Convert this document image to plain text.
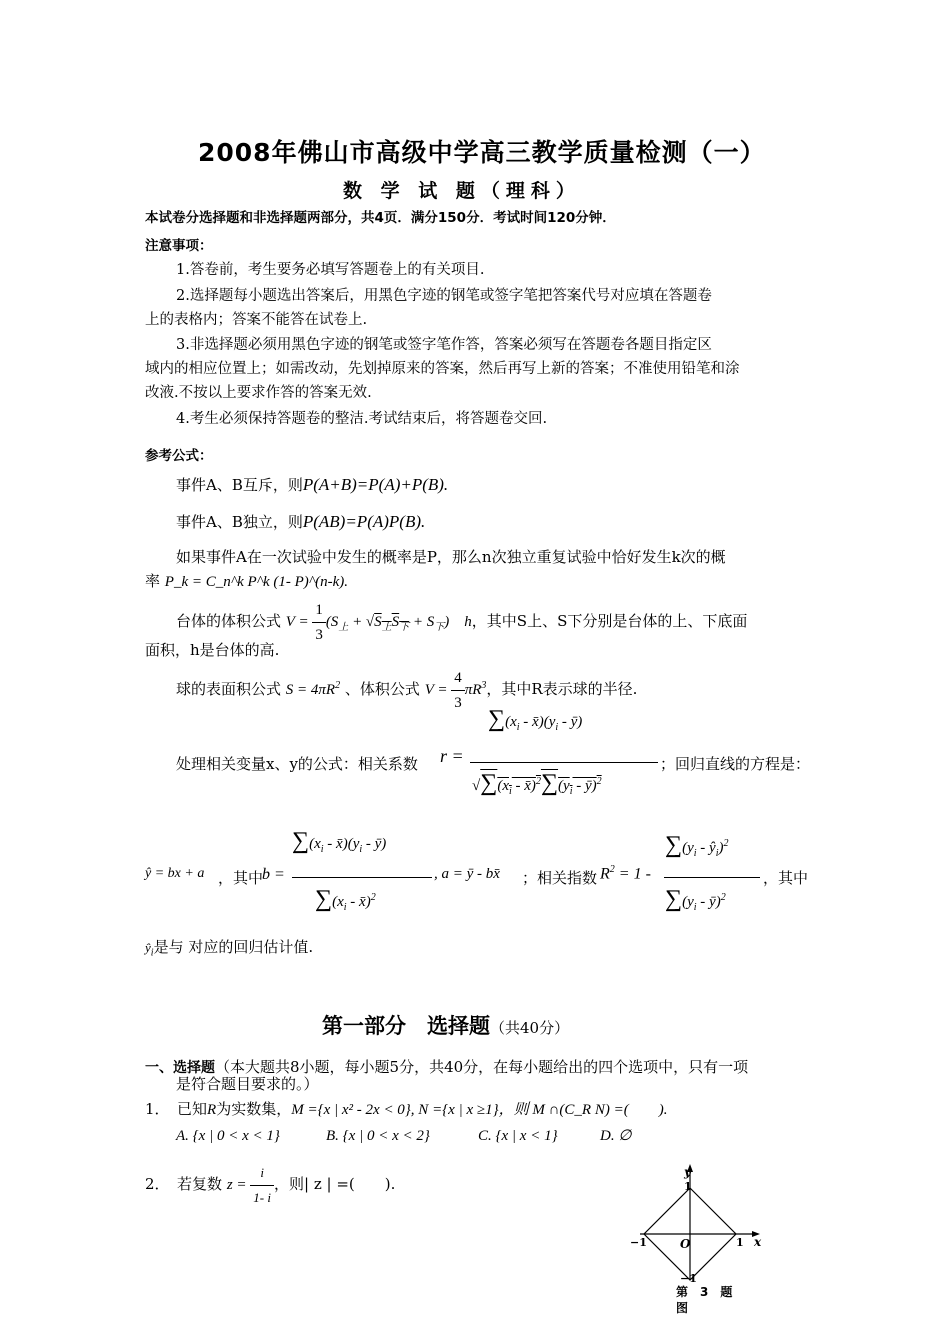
2008年佛山市高级中学高三教学质量检测（一）
数 学 试 题（理科）
本试卷分选择题和非选择题两部分，共4页．满分150分．考试时间120分钟．
注意事项：
1.答卷前，考生要务必填写答题卷上的有关项目.
2.选择题每小题选出答案后，用黑色字迹的钢笔或签字笔把答案代号对应填在答题卷
上的表格内；答案不能答在试卷上.
3.非选择题必须用黑色字迹的钢笔或签字笔作答，答案必须写在答题卷各题目指定区
域内的相应位置上；如需改动，先划掉原来的答案，然后再写上新的答案；不准使用铅笔和涂
改液.不按以上要求作答的答案无效.
4.考生必须保持答题卷的整洁.考试结束后，将答题卷交回.
参考公式：
事件A、B互斥，则P(A+B)=P(A)+P(B).
事件A、B独立，则P(AB)=P(A)P(B).
如果事件A在一次试验中发生的概率是P，那么n次独立重复试验中恰好发生k次的概
率 P_k = C_n^k P^k (1- P)^(n-k).
台体的体积公式 $V = \frac{1}{3} (S_上 + √S_上S_下 + S_下)$　h，其中S上、S下分别是台体的上、下底面
面积，h是台体的高.
球的表面积公式 $S = 4\pi R^2$ 、体积公式 $V = \frac{4}{3} \pi R^3$，其中R表示球的半径.
处理相关变量x、y的公式：相关系数 r =
$\sum(x_i$ - $x̄)(y_i$ - ȳ)
$√\sum(x_i$ - $x̄)^2\sum(y_i$ - ȳ)$^2$
；回归直线的方程是：
ŷ = bx + a ，其中
b =
$\sum(x_i$ - $x̄)(y_i$ - ȳ)
$\sum(x_i$ - x̄)$^2$
, a = ȳ - bx̄ ；相关指数 $R^2 = 1$ -
$\sum(y_i$ - $ŷ_i)^2$
$\sum(y_i$ - ȳ)$^2$
，其中
$ŷ_i$是与 对应的回归估计值.
第一部分　选择题（共40分）
一、选择题（本大题共8小题，每小题5分，共40分，在每小题给出的四个选项中，只有一项
是符合题目要求的。）
1．　已知R为实数集，M ={x | x² - 2x < 0}, N ={x | x ≥1}，则 M ∩(C_R N) =(　　).
A. {x | 0 < x < 1}	B. {x | 0 < x < 2}	C. {x | x < 1}	D. ∅
2．　若复数 $z = \frac{i}{1- i}$ ，则| z | =(　　).
y
x
1
−1	1
−1
O
第　3　题
图
